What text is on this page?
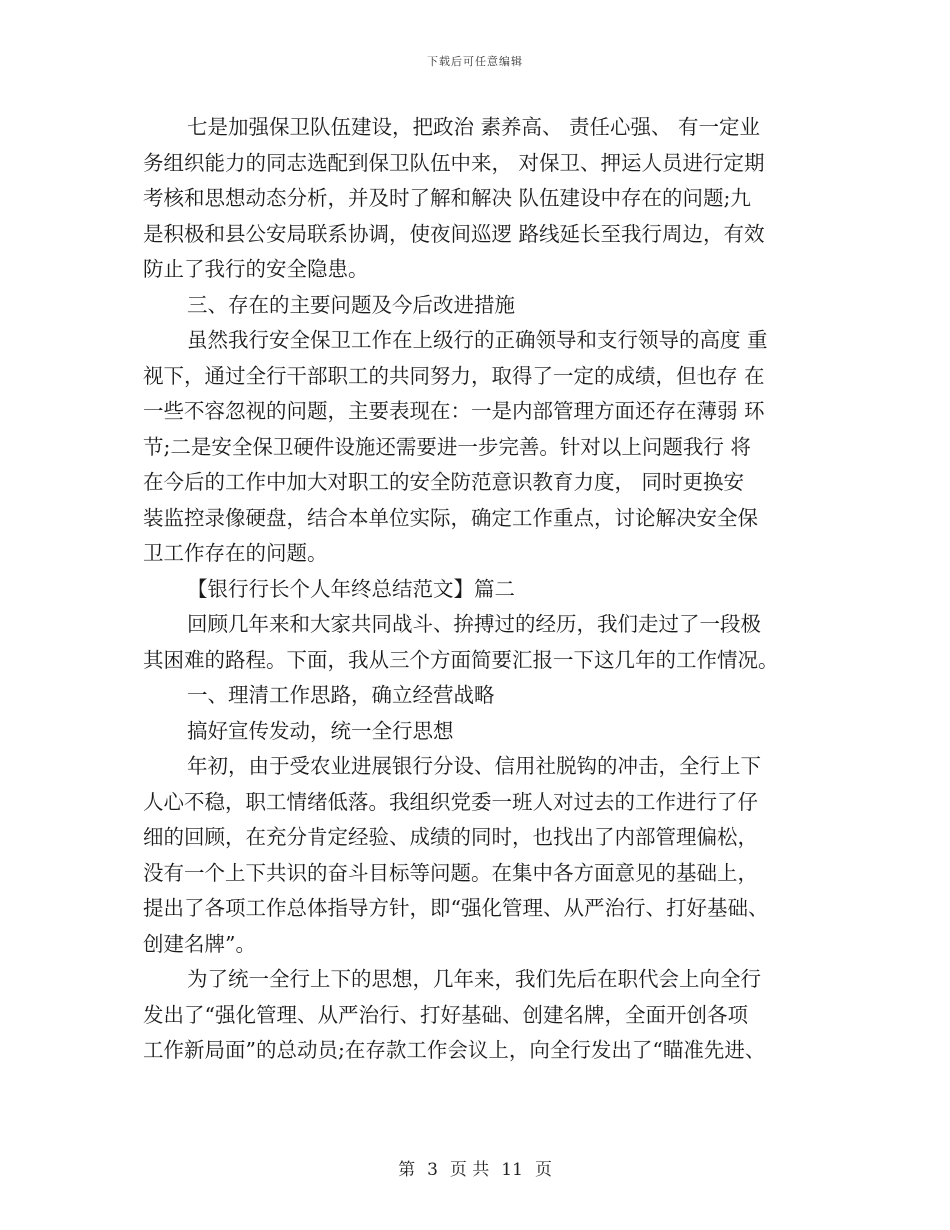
下载后可任意编辑
七是加强保卫队伍建设，把政治 素养高、 责任心强、 有一定业
务组织能力的同志选配到保卫队伍中来， 对保卫、押运人员进行定期
考核和思想动态分析，并及时了解和解决 队伍建设中存在的问题;九
是积极和县公安局联系协调，使夜间巡逻 路线延长至我行周边，有效
防止了我行的安全隐患。
三、存在的主要问题及今后改进措施
虽然我行安全保卫工作在上级行的正确领导和支行领导的高度 重
视下，通过全行干部职工的共同努力，取得了一定的成绩，但也存 在
一些不容忽视的问题，主要表现在：一是内部管理方面还存在薄弱 环
节;二是安全保卫硬件设施还需要进一步完善。针对以上问题我行 将
在今后的工作中加大对职工的安全防范意识教育力度， 同时更换安
装监控录像硬盘，结合本单位实际，确定工作重点，讨论解决安全保
卫工作存在的问题。
【银行行长个人年终总结范文】篇二
回顾几年来和大家共同战斗、拚搏过的经历，我们走过了一段极
其困难的路程。下面，我从三个方面简要汇报一下这几年的工作情况。
一、理清工作思路，确立经营战略
搞好宣传发动，统一全行思想
年初，由于受农业进展银行分设、信用社脱钩的冲击，全行上下
人心不稳，职工情绪低落。我组织党委一班人对过去的工作进行了仔
细的回顾，在充分肯定经验、成绩的同时，也找出了内部管理偏松，
没有一个上下共识的奋斗目标等问题。在集中各方面意见的基础上，
提出了各项工作总体指导方针，即“强化管理、从严治行、打好基础、
创建名牌”。
为了统一全行上下的思想，几年来，我们先后在职代会上向全行
发出了“强化管理、从严治行、打好基础、创建名牌，全面开创各项
工作新局面”的总动员;在存款工作会议上，向全行发出了“瞄准先进、
第 3 页 共 11 页
